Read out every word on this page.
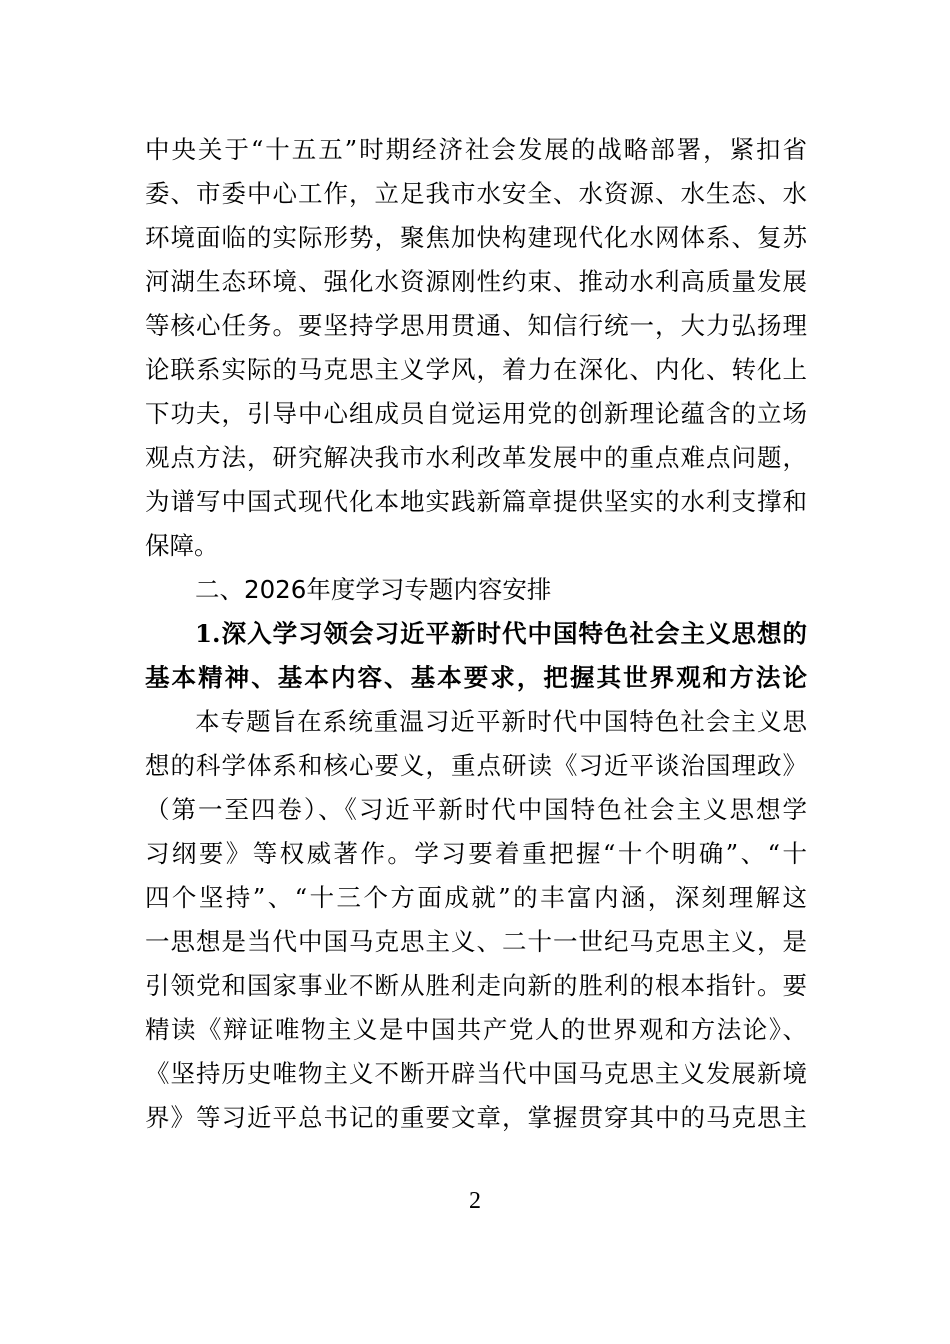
中央关于“十五五”时期经济社会发展的战略部署，紧扣省
委、市委中心工作，立足我市水安全、水资源、水生态、水
环境面临的实际形势，聚焦加快构建现代化水网体系、复苏
河湖生态环境、强化水资源刚性约束、推动水利高质量发展
等核心任务。要坚持学思用贯通、知信行统一，大力弘扬理
论联系实际的马克思主义学风，着力在深化、内化、转化上
下功夫，引导中心组成员自觉运用党的创新理论蕴含的立场
观点方法，研究解决我市水利改革发展中的重点难点问题，
为谱写中国式现代化本地实践新篇章提供坚实的水利支撑和
保障。
二、2026年度学习专题内容安排
1.深入学习领会习近平新时代中国特色社会主义思想的
基本精神、基本内容、基本要求，把握其世界观和方法论
本专题旨在系统重温习近平新时代中国特色社会主义思
想的科学体系和核心要义，重点研读《习近平谈治国理政》
（第一至四卷）、《习近平新时代中国特色社会主义思想学
习纲要》等权威著作。学习要着重把握“十个明确”、“十
四个坚持”、“十三个方面成就”的丰富内涵，深刻理解这
一思想是当代中国马克思主义、二十一世纪马克思主义，是
引领党和国家事业不断从胜利走向新的胜利的根本指针。要
精读《辩证唯物主义是中国共产党人的世界观和方法论》、
《坚持历史唯物主义不断开辟当代中国马克思主义发展新境
界》等习近平总书记的重要文章，掌握贯穿其中的马克思主
2
